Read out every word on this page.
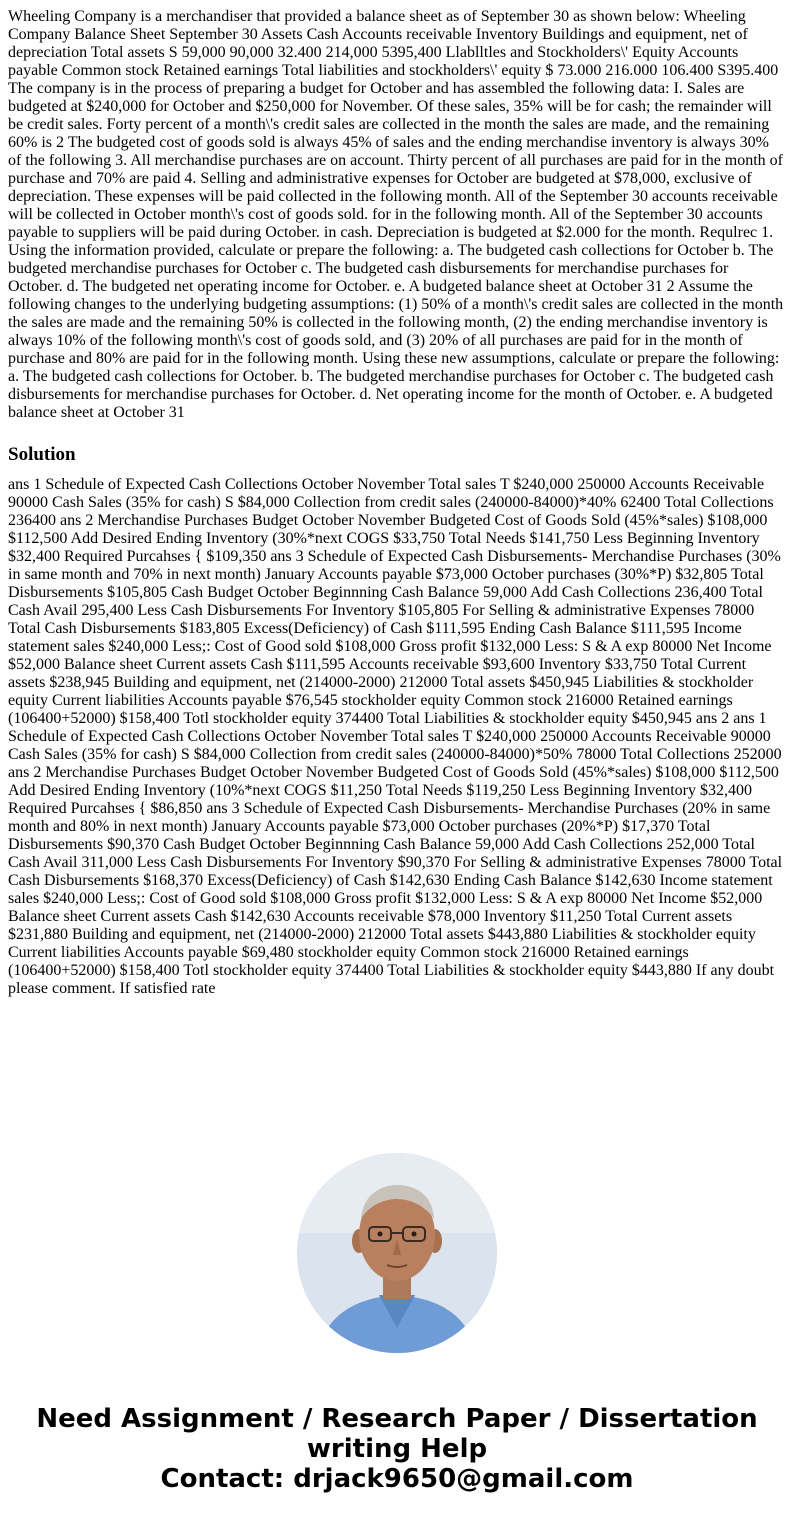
Wheeling Company is a merchandiser that provided a balance sheet as of September 30 as shown below: Wheeling Company Balance Sheet September 30 Assets Cash Accounts receivable Inventory Buildings and equipment, net of depreciation Total assets S 59,000 90,000 32.400 214,000 5395,400 Llablltles and Stockholders\' Equity Accounts payable Common stock Retained earnings Total liabilities and stockholders\' equity $ 73.000 216.000 106.400 S395.400 The company is in the process of preparing a budget for October and has assembled the following data: I. Sales are budgeted at $240,000 for October and $250,000 for November. Of these sales, 35% will be for cash; the remainder will be credit sales. Forty percent of a month\'s credit sales are collected in the month the sales are made, and the remaining 60% is 2 The budgeted cost of goods sold is always 45% of sales and the ending merchandise inventory is always 30% of the following 3. All merchandise purchases are on account. Thirty percent of all purchases are paid for in the month of purchase and 70% are paid 4. Selling and administrative expenses for October are budgeted at $78,000, exclusive of depreciation. These expenses will be paid collected in the following month. All of the September 30 accounts receivable will be collected in October month\'s cost of goods sold. for in the following month. All of the September 30 accounts payable to suppliers will be paid during October. in cash. Depreciation is budgeted at $2.000 for the month. Requlrec 1. Using the information provided, calculate or prepare the following: a. The budgeted cash collections for October b. The budgeted merchandise purchases for October c. The budgeted cash disbursements for merchandise purchases for October. d. The budgeted net operating income for October. e. A budgeted balance sheet at October 31 2 Assume the following changes to the underlying budgeting assumptions: (1) 50% of a month\'s credit sales are collected in the month the sales are made and the remaining 50% is collected in the following month, (2) the ending merchandise inventory is always 10% of the following month\'s cost of goods sold, and (3) 20% of all purchases are paid for in the month of purchase and 80% are paid for in the following month. Using these new assumptions, calculate or prepare the following: a. The budgeted cash collections for October. b. The budgeted merchandise purchases for October c. The budgeted cash disbursements for merchandise purchases for October. d. Net operating income for the month of October. e. A budgeted balance sheet at October 31

Solution

ans 1 Schedule of Expected Cash Collections October November Total sales T $240,000 250000 Accounts Receivable 90000 Cash Sales (35% for cash) S $84,000 Collection from credit sales (240000-84000)*40% 62400 Total Collections 236400 ans 2 Merchandise Purchases Budget October November Budgeted Cost of Goods Sold (45%*sales) $108,000 $112,500 Add Desired Ending Inventory (30%*next COGS $33,750 Total Needs $141,750 Less Beginning Inventory $32,400 Required Purcahses { $109,350 ans 3 Schedule of Expected Cash Disbursements- Merchandise Purchases (30% in same month and 70% in next month) January Accounts payable $73,000 October purchases (30%*P) $32,805 Total Disbursements $105,805 Cash Budget October Beginnning Cash Balance 59,000 Add Cash Collections 236,400 Total Cash Avail 295,400 Less Cash Disbursements For Inventory $105,805 For Selling & administrative Expenses 78000 Total Cash Disbursements $183,805 Excess(Deficiency) of Cash $111,595 Ending Cash Balance $111,595 Income statement sales $240,000 Less;: Cost of Good sold $108,000 Gross profit $132,000 Less: S & A exp 80000 Net Income $52,000 Balance sheet Current assets Cash $111,595 Accounts receivable $93,600 Inventory $33,750 Total Current assets $238,945 Building and equipment, net (214000-2000) 212000 Total assets $450,945 Liabilities & stockholder equity Current liabilities Accounts payable $76,545 stockholder equity Common stock 216000 Retained earnings (106400+52000) $158,400 Totl stockholder equity 374400 Total Liabilities & stockholder equity $450,945 ans 2 ans 1 Schedule of Expected Cash Collections October November Total sales T $240,000 250000 Accounts Receivable 90000 Cash Sales (35% for cash) S $84,000 Collection from credit sales (240000-84000)*50% 78000 Total Collections 252000 ans 2 Merchandise Purchases Budget October November Budgeted Cost of Goods Sold (45%*sales) $108,000 $112,500 Add Desired Ending Inventory (10%*next COGS $11,250 Total Needs $119,250 Less Beginning Inventory $32,400 Required Purcahses { $86,850 ans 3 Schedule of Expected Cash Disbursements- Merchandise Purchases (20% in same month and 80% in next month) January Accounts payable $73,000 October purchases (20%*P) $17,370 Total Disbursements $90,370 Cash Budget October Beginnning Cash Balance 59,000 Add Cash Collections 252,000 Total Cash Avail 311,000 Less Cash Disbursements For Inventory $90,370 For Selling & administrative Expenses 78000 Total Cash Disbursements $168,370 Excess(Deficiency) of Cash $142,630 Ending Cash Balance $142,630 Income statement sales $240,000 Less;: Cost of Good sold $108,000 Gross profit $132,000 Less: S & A exp 80000 Net Income $52,000 Balance sheet Current assets Cash $142,630 Accounts receivable $78,000 Inventory $11,250 Total Current assets $231,880 Building and equipment, net (214000-2000) 212000 Total assets $443,880 Liabilities & stockholder equity Current liabilities Accounts payable $69,480 stockholder equity Common stock 216000 Retained earnings (106400+52000) $158,400 Totl stockholder equity 374400 Total Liabilities & stockholder equity $443,880 If any doubt please comment. If satisfied rate

Need Assignment / Research Paper / Dissertation
writing Help
Contact: drjack9650@gmail.com
